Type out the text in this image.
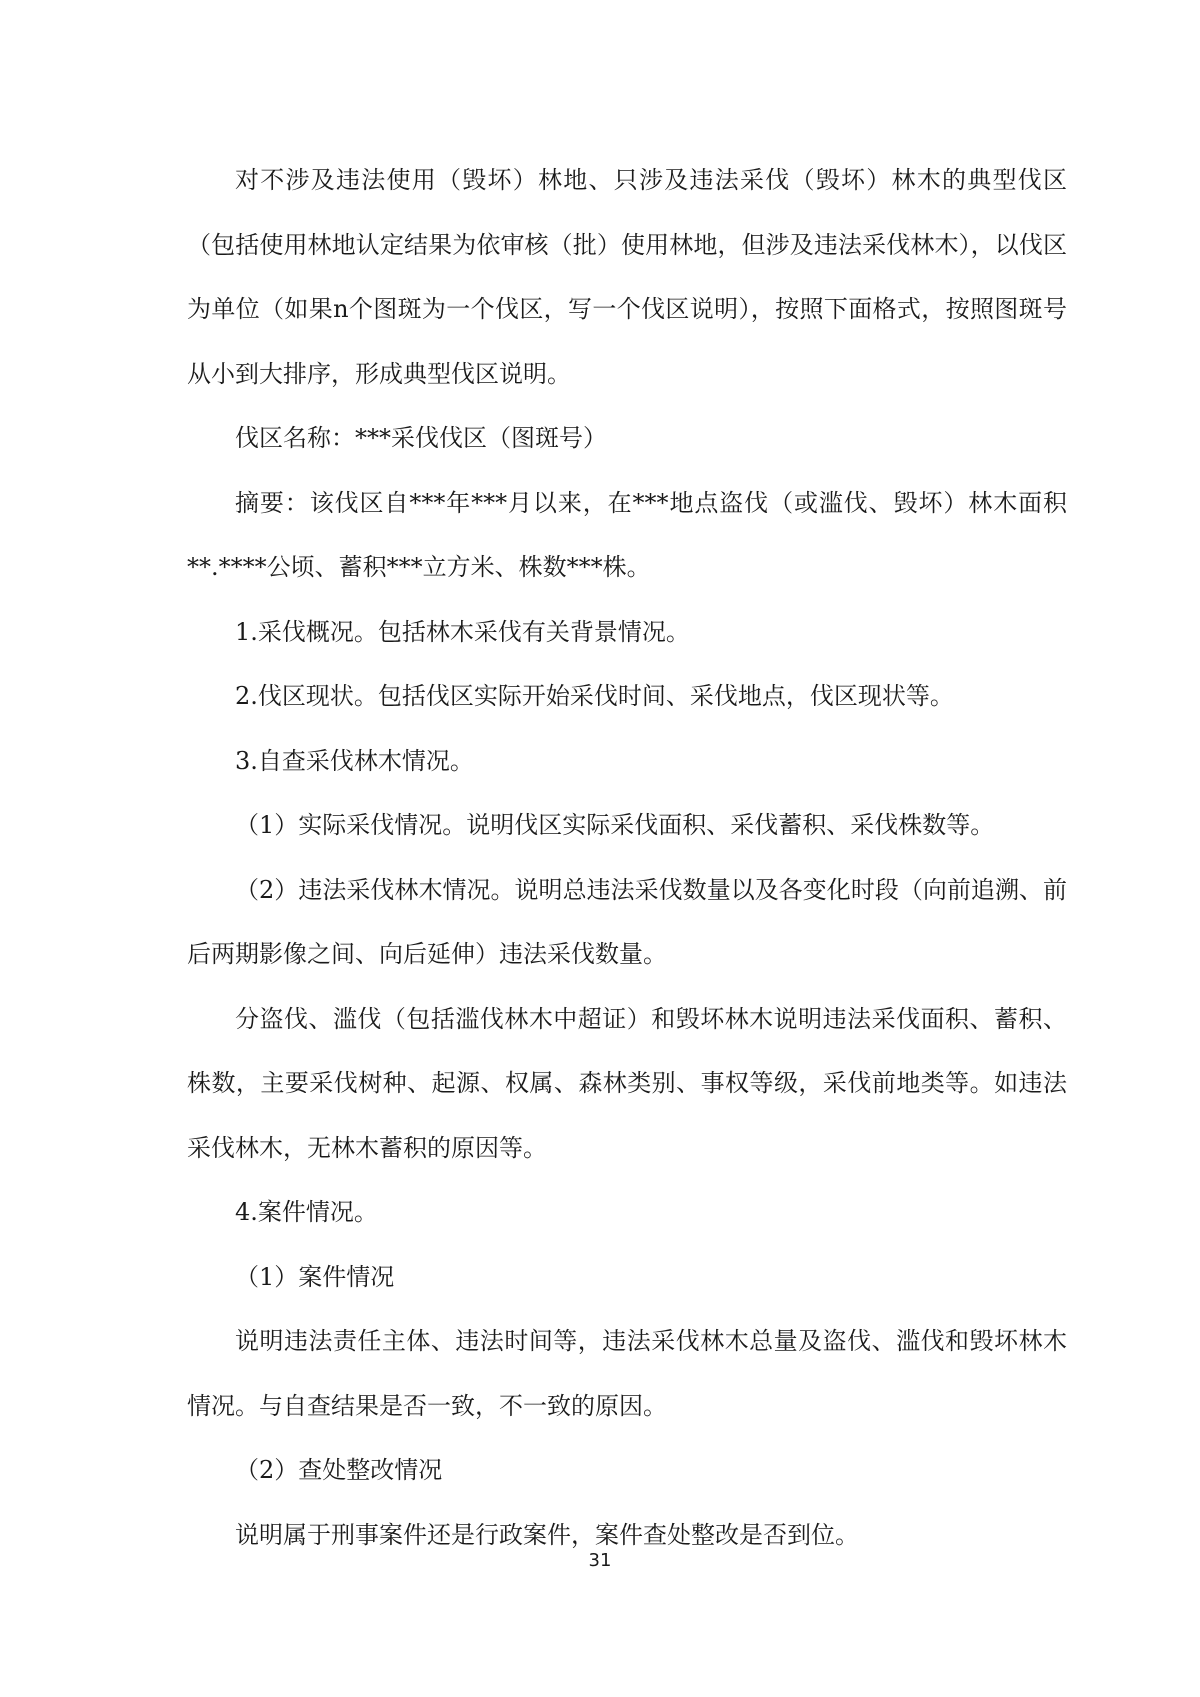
对不涉及违法使用（毁坏）林地、只涉及违法采伐（毁坏）林木的典型伐区（包括使用林地认定结果为依审核（批）使用林地，但涉及违法采伐林木），以伐区为单位（如果n个图斑为一个伐区，写一个伐区说明），按照下面格式，按照图斑号从小到大排序，形成典型伐区说明。

伐区名称：***采伐伐区（图斑号）

摘要：该伐区自***年***月以来，在***地点盗伐（或滥伐、毁坏）林木面积**.****公顷、蓄积***立方米、株数***株。

1.采伐概况。包括林木采伐有关背景情况。

2.伐区现状。包括伐区实际开始采伐时间、采伐地点，伐区现状等。

3.自查采伐林木情况。

（1）实际采伐情况。说明伐区实际采伐面积、采伐蓄积、采伐株数等。

（2）违法采伐林木情况。说明总违法采伐数量以及各变化时段（向前追溯、前后两期影像之间、向后延伸）违法采伐数量。

分盗伐、滥伐（包括滥伐林木中超证）和毁坏林木说明违法采伐面积、蓄积、株数，主要采伐树种、起源、权属、森林类别、事权等级，采伐前地类等。如违法采伐林木，无林木蓄积的原因等。

4.案件情况。

（1）案件情况

说明违法责任主体、违法时间等，违法采伐林木总量及盗伐、滥伐和毁坏林木情况。与自查结果是否一致，不一致的原因。

（2）查处整改情况

说明属于刑事案件还是行政案件，案件查处整改是否到位。

31
